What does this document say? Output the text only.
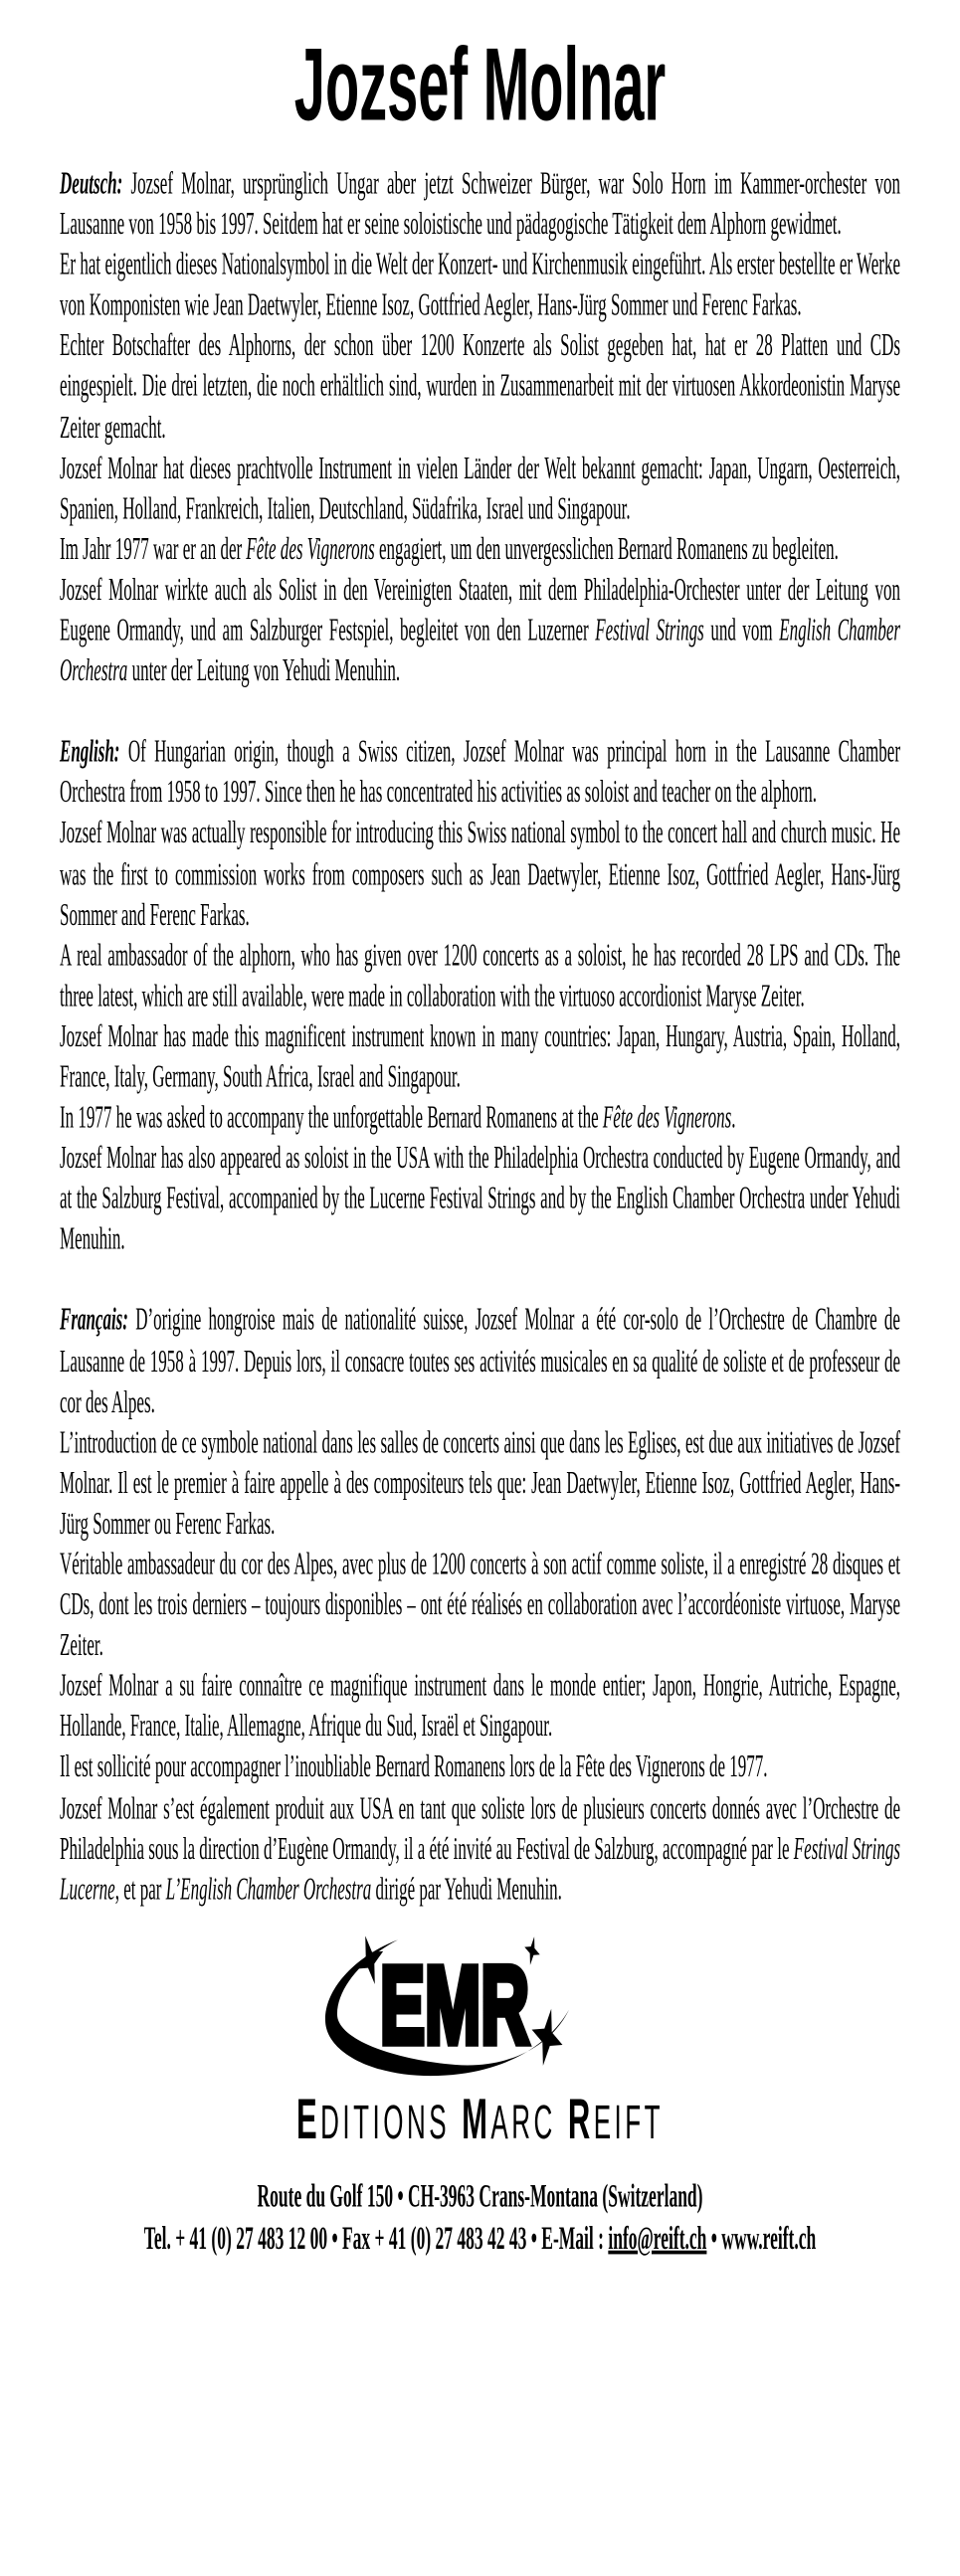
Jozsef Molnar

Deutsch: Jozsef Molnar, ursprünglich Ungar aber jetzt Schweizer Bürger, war Solo Horn im Kammer-orchester von Lausanne von 1958 bis 1997. Seitdem hat er seine soloistische und pädagogische Tätigkeit dem Alphorn gewidmet.

Er hat eigentlich dieses Nationalsymbol in die Welt der Konzert- und Kirchenmusik eingeführt. Als erster bestellte er Werke von Komponisten wie Jean Daetwyler, Etienne Isoz, Gottfried Aegler, Hans-Jürg Sommer und Ferenc Farkas.

Echter Botschafter des Alphorns, der schon über 1200 Konzerte als Solist gegeben hat, hat er 28 Platten und CDs eingespielt. Die drei letzten, die noch erhältlich sind, wurden in Zusammenarbeit mit der virtuosen Akkordeonistin Maryse Zeiter gemacht.

Jozsef Molnar hat dieses prachtvolle Instrument in vielen Länder der Welt bekannt gemacht: Japan, Ungarn, Oesterreich, Spanien, Holland, Frankreich, Italien, Deutschland, Südafrika, Israel und Singapour.

Im Jahr 1977 war er an der Fête des Vignerons engagiert, um den unvergesslichen Bernard Romanens zu begleiten.

Jozsef Molnar wirkte auch als Solist in den Vereinigten Staaten, mit dem Philadelphia-Orchester unter der Leitung von Eugene Ormandy, und am Salzburger Festspiel, begleitet von den Luzerner Festival Strings und vom English Chamber Orchestra unter der Leitung von Yehudi Menuhin.

English: Of Hungarian origin, though a Swiss citizen, Jozsef Molnar was principal horn in the Lausanne Chamber Orchestra from 1958 to 1997. Since then he has concentrated his activities as soloist and teacher on the alphorn.

Jozsef Molnar was actually responsible for introducing this Swiss national symbol to the concert hall and church music. He was the first to commission works from composers such as Jean Daetwyler, Etienne Isoz, Gottfried Aegler, Hans-Jürg Sommer and Ferenc Farkas.

A real ambassador of the alphorn, who has given over 1200 concerts as a soloist, he has recorded 28 LPS and CDs. The three latest, which are still available, were made in collaboration with the virtuoso accordionist Maryse Zeiter.

Jozsef Molnar has made this magnificent instrument known in many countries: Japan, Hungary, Austria, Spain, Holland, France, Italy, Germany, South Africa, Israel and Singapour.

In 1977 he was asked to accompany the unforgettable Bernard Romanens at the Fête des Vignerons.

Jozsef Molnar has also appeared as soloist in the USA with the Philadelphia Orchestra conducted by Eugene Ormandy, and at the Salzburg Festival, accompanied by the Lucerne Festival Strings and by the English Chamber Orchestra under Yehudi Menuhin.

Français: D’origine hongroise mais de nationalité suisse, Jozsef Molnar a été cor-solo de l’Orchestre de Chambre de Lausanne de 1958 à 1997. Depuis lors, il consacre toutes ses activités musicales en sa qualité de soliste et de professeur de cor des Alpes.

L’introduction de ce symbole national dans les salles de concerts ainsi que dans les Eglises, est due aux initiatives de Jozsef Molnar. Il est le premier à faire appelle à des compositeurs tels que: Jean Daetwyler, Etienne Isoz, Gottfried Aegler, Hans-Jürg Sommer ou Ferenc Farkas.

Véritable ambassadeur du cor des Alpes, avec plus de 1200 concerts à son actif comme soliste, il a enregistré 28 disques et CDs, dont les trois derniers – toujours disponibles – ont été réalisés en collaboration avec l’accordéoniste virtuose, Maryse Zeiter.

Jozsef Molnar a su faire connaître ce magnifique instrument dans le monde entier; Japon, Hongrie, Autriche, Espagne, Hollande, France, Italie, Allemagne, Afrique du Sud, Israël et Singapour.

Il est sollicité pour accompagner l’inoubliable Bernard Romanens lors de la Fête des Vignerons de 1977.

Jozsef Molnar s’est également produit aux USA en tant que soliste lors de plusieurs concerts donnés avec l’Orchestre de Philadelphia sous la direction d’Eugène Ormandy, il a été invité au Festival de Salzburg, accompagné par le Festival Strings Lucerne, et par L’English Chamber Orchestra dirigé par Yehudi Menuhin.

EMR
EDITIONS MARC REIFT
Route du Golf 150 • CH-3963 Crans-Montana (Switzerland)
Tel. + 41 (0) 27 483 12 00 • Fax + 41 (0) 27 483 42 43 • E-Mail : info@reift.ch • www.reift.ch
